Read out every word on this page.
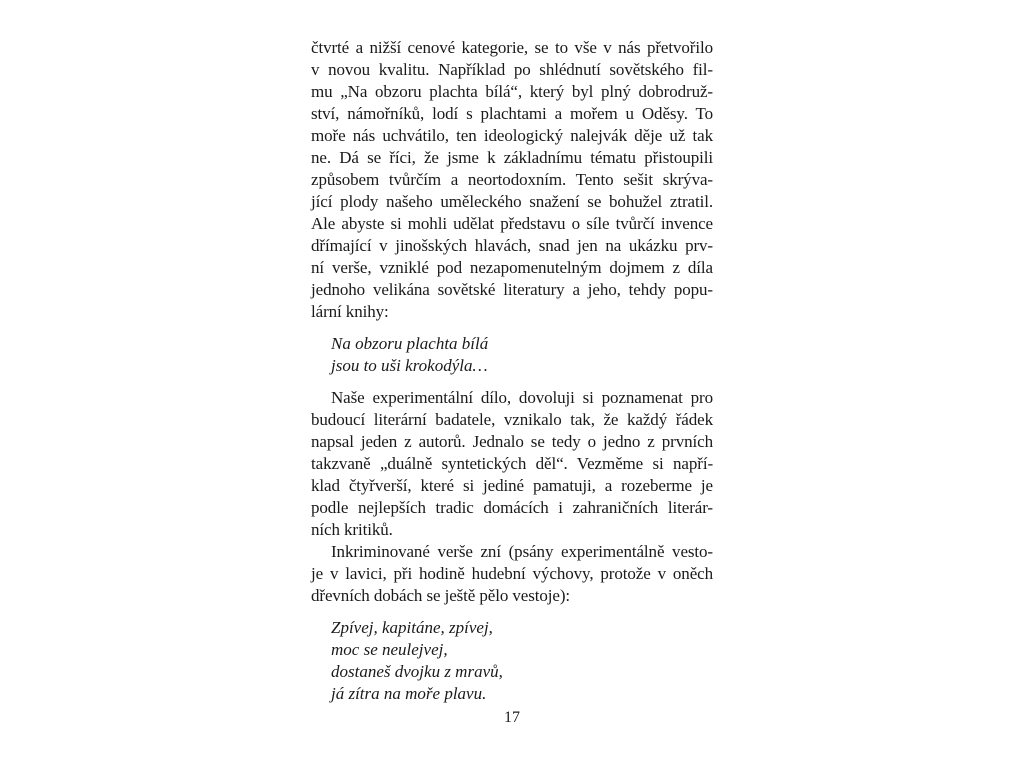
čtvrté a nižší cenové kategorie, se to vše v nás přetvořilo
v novou kvalitu. Například po shlédnutí sovětského fil-
mu „Na obzoru plachta bílá“, který byl plný dobrodruž-
ství, námořníků, lodí s plachtami a mořem u Oděsy. To
moře nás uchvátilo, ten ideologický nalejvák děje už tak
ne. Dá se říci, že jsme k základnímu tématu přistoupili
způsobem tvůrčím a neortodoxním. Tento sešit skrýva-
jící plody našeho uměleckého snažení se bohužel ztratil.
Ale abyste si mohli udělat představu o síle tvůrčí invence
dřímající v jinošských hlavách, snad jen na ukázku prv-
ní verše, vzniklé pod nezapomenutelným dojmem z díla
jednoho velikána sovětské literatury a jeho, tehdy popu-
lární knihy:
Na obzoru plachta bílá
jsou to uši krokodýla…
Naše experimentální dílo, dovoluji si poznamenat pro
budoucí literární badatele, vznikalo tak, že každý řádek
napsal jeden z autorů. Jednalo se tedy o jedno z prvních
takzvaně „duálně syntetických děl“. Vezměme si napří-
klad čtyřverší, které si jediné pamatuji, a rozeberme je
podle nejlepších tradic domácích i zahraničních literár-
ních kritiků.
Inkriminované verše zní (psány experimentálně vesto-
je v lavici, při hodině hudební výchovy, protože v oněch
dřevních dobách se ještě pělo vestoje):
Zpívej, kapitáne, zpívej,
moc se neulejvej,
dostaneš dvojku z mravů,
já zítra na moře plavu.
17
